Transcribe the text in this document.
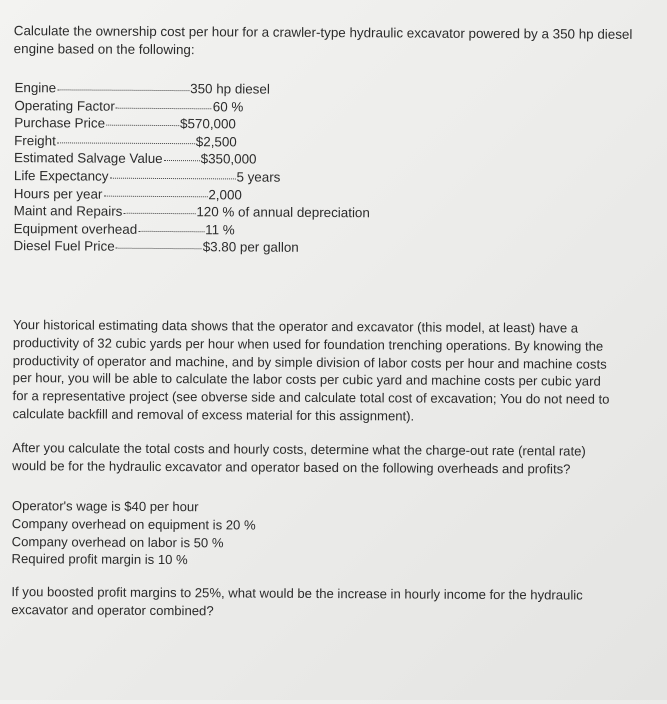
Calculate the ownership cost per hour for a crawler-type hydraulic excavator powered by a 350 hp diesel engine based on the following:
Engine	350 hp diesel
Operating Factor	60 %
Purchase Price	$570,000
Freight	$2,500
Estimated Salvage Value	$350,000
Life Expectancy	5 years
Hours per year	2,000
Maint and Repairs	120 % of annual depreciation
Equipment overhead	11 %
Diesel Fuel Price	$3.80 per gallon
Your historical estimating data shows that the operator and excavator (this model, at least) have a productivity of 32 cubic yards per hour when used for foundation trenching operations. By knowing the productivity of operator and machine, and by simple division of labor costs per hour and machine costs per hour, you will be able to calculate the labor costs per cubic yard and machine costs per cubic yard for a representative project (see obverse side and calculate total cost of excavation; You do not need to calculate backfill and removal of excess material for this assignment).
After you calculate the total costs and hourly costs, determine what the charge-out rate (rental rate) would be for the hydraulic excavator and operator based on the following overheads and profits?
Operator's wage is $40 per hour
Company overhead on equipment is 20 %
Company overhead on labor is 50 %
Required profit margin is 10 %
If you boosted profit margins to 25%, what would be the increase in hourly income for the hydraulic excavator and operator combined?
